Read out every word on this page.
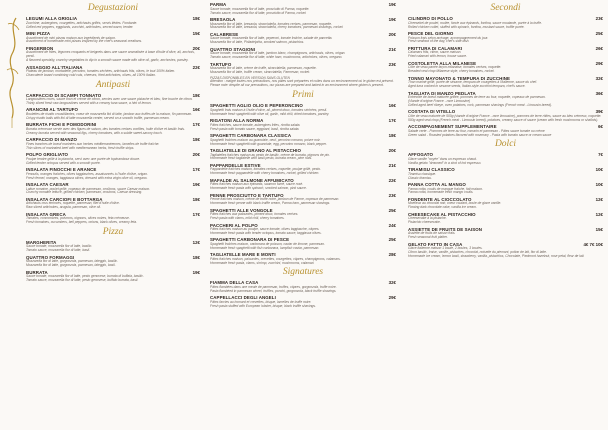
Degustazioni
LEGUMI ALLA GRIGLIA	18€
Zucchine, aubergines, courgettes, artichauts grillés, servis tièdes. Fondante.
Grilled red peppers, eggplants, zucchini, artichokes, served warm, tender.
MINI PIZZA	15€
Assortiment de mini pizzas maison aux ingrédients de saison.
Assortment of homemade mini pizzas inspired by the chef's seasonal creations.
FINGERBON	20€
Assortiment de frites, légumes croquants et beignets dans une sauce aromatisée à base d'huile d'olive, ail, anchois, persil.
A flavored specialty, crunchy vegetables to dip in a smooth sauce made with olive oil, garlic, anchovies, parsley.
ASSAGGIO ALL'ITALIANA	22€
Plateau de jambon, mortadelle, pecorino, tomates séchées, artichauts frits, olives, le tout 100% italien.
Charcuterie board combining cold cuts, cheeses, fried artichokes, olives, all 100% Italian.
Antipasti
CARPACCIO DI SCAMPI TONNATO	18€
Langoustines crues, sauce thon et crème de citron, servies avec une sauce pistache et bleu, fine touche de citron.
Thinly sliced fresh raw langoustines served with a creamy tuna sauce, a hint of lemon.
ARANCINI AL TARTUFO	16€
Boulettes de risotto croustillantes, coeur de mozzarella fiol di latte, jambon aux truffes de la maison, fin parmesan.
Crispy risotto balls with fiol di latte mozzarella center, served on a smooth truffle, parmesan cream.
BURRATA FICHI E POMODORINI	17€
Burrata crémeuse servie avec des figues de saison, des tomates cerises confites, huile d'olive et basilic frais.
Creamy burrata served with seasonal figs, cherry tomatoes, with a subtle sweet-savory touch.
CARPACCIO DI MANZO	18€
Fines tranches de boeuf marinées aux herbes méditerranéennes, lamelles de truffe fraîche.
Thin slices of marinated beef with mediterranean herbs, fresh truffle strips.
POLPO GRIGLIATO	20€
Poulpe tendre grillé à la plancha, servi avec une purée de topinambour douce.
Grilled tender octopus served with a smooth purée.
INSALATA FINOCCHI E ARANCE	17€
Fenouils, oranges fraîches, olives taggiasches, assaisonnés à l'huile d'olive, origan.
Fresh fennel, oranges, taggiasca olives, dressed with extra virgin olive oil, oregano.
INSALATA CAESAR	19€
Laitue romaine, poulet grillé, copeaux de parmesan, croûtons, sauce Caesar maison.
Crunchy romaine lettuce, grilled chicken, parmesan, croutons, Caesar dressing.
INSALATA CARCIOFI E BOTTARGA	18€
Artichauts crus émincés, roquette, parmesan, filet d'huile d'olive.
Raw sliced artichokes, arugula, parmesan, olive oil.
INSALATA GRECA	17€
Tomates, concombres, poivrons, oignons, olives noires, feta crémeuse.
Fresh tomatoes, cucumbers, bell peppers, onions, black olives, creamy feta.
Pizza
MARGHERITA	12€
Sauce tomate, mozzarella fior di latte, basilic.
Tomato sauce, mozzarella fior di latte, basil.
QUATTRO FORMAGGI	18€
Mozzarella fior di latte, gorgonzola, parmesan, taleggio, basilic.
Mozzarella fior di latte, gorgonzola, parmesan, taleggio, basil.
BURRATA	19€
Sauce tomate, mozzarella fior di latte, pesto genovese, burrata di buffala, basilic.
Tomato sauce, mozzarella fior di latte, pesto genovese, buffalo burrata, basil.
PARMA	19€
Sauce tomate, mozzarella fior di latte, prosciutto di Parma, roquette.
Tomato sauce, mozzarella fior di latte, prosciutto di Parma, rocket.
BRESAOLA	19€
Mozzarella fior di latte, bresaola, stracciatella, tomates cerises, parmesan, roquette.
Mozzarella fior di latte, bresaola, stracciatella, cherry tomatoes, parmesan shavings, rocket.
CALABRESE	20€
Sauce tomate, mozzarella fior di latte, peperoni, tomate fraîche, salade de pancetta.
Mozzarella fior di latte, Philadelphia, smoked salmon, pistachios.
QUATTRO STAGIONI	21€
Sauce tomate, mozzarella fior di latte, jambon blanc, champignons, artichauts, olives, origan.
Tomato sauce, mozzarella fior di latte, white ham, mushrooms, artichokes, olives, oregano.
TARTUFO	23€
Mozzarella fior di latte, crème de truffe, stracciatella, parmesan, roquette.
Mozzarella fior di latte, truffle cream, stracciatella, Parmesan, rocket.
PIZZAS DISPONIBLES EN VERSION SANS GLUTEN
Attention : malgré toutes nos précautions, nos pâtes sont préparées et cuites dans un environnement où le gluten est présent.
Please note: despite all our precautions, our pizzas are prepared and baked in an environment where gluten is present.
Primi
SPAGHETTI AGLIO OLIO E PEPERONCINO	16€
Spaghetti frais maison à l'huile d'olive, ail, piment doux, tomates séchées, persil.
Homemade fresh spaghetti with olive oil, garlic, mild chili, dried tomatoes, parsley.
RIGATONI ALLA NORMA	17€
Pâtes fraîches, sauce tomate, aubergines frites, ricotta salata.
Fresh pasta with tomato sauce, eggplant, basil, ricotta salata.
SPAGHETTI CARBONARA CLASSICA	18€
Spaghetti fraîches maison au guanciale, oeuf, pecorino romano, poivre noir.
Homemade fresh spaghetti with guanciale, egg, pecorino romano, black pepper.
TAGLIATELLE DI GRANO AL PISTACCHIO	20€
Tagliatelles fraîches maison au pesto de basilic, crème de burrata, pignons de pin.
Homemade fresh tagliatelle with basil pesto, burrata cream, pine nuts.
PAPPARDELLE ESTIVE	21€
Pappardelle fraîches maison, tomates cerises, roquette, poulpe grillé, pesto.
Homemade fresh pappardelle with cherry tomatoes, rocket, grilled chicken.
MAFALDE AL SALMONE AFFUMICATO	22€
Pâtes fraîches maison aux épinards, saumon fumé, sauce rosé.
Homemade fresh pasta with spinach, smoked salmon, pink sauce.
PENNE PROSCIUTTO E TARTUFO	23€
Penne fraîches maison, crème de truffe noire, jambon de Parme, copeaux de parmesan.
Homemade fresh penne with black truffle cream, Parma ham, parmesan shavings.
SPAGHETTI ALLE VONGOLE	25€
Pâtes fraîches aux palourdes, piment doux, tomates cerises.
Fresh pasta with clams, mild chili, cherry tomatoes.
PACCHERI AL POLPO	24€
Pâtes fraîches maison au poulpe, sauce tomate, olives taggiasche, câpres.
Homemade fresh pasta with tender octopus, tomato sauce, taggiasca olives.
SPAGHETTI CARBONARA DI PESCE	25€
Spaghetti fraîches maison, carbonara de poisson, caviar de limone, parmesan.
Homemade fresh spaghetti with fish carbonara, lumpfish caviar, parmesan.
TAGLIATELLE MARE E MONTI	28€
Pâtes fraîches maison, palourdes, crevettes, courgettes, câpres, champignons, calamars.
Homemade fresh pasta, clams, shrimp, zucchini, mushrooms, calamari.
Signatures
FIAMMA DELLA CASA	32€
Pâtes flambées dans une meule de parmesan, truffes, câpres, gorgonzola, truffe noire.
Pasta flambéed in parmesan wheel, truffles, porcini, gorgonzola, black truffle shavings.
CAPPELLACCI DEGLI ANGELI	29€
Pâtes farcies au homard et crevettes, bisque, lamelles de truffe noire.
Fresh pasta stuffed with European lobster, bisque, black truffle shavings.
Secondi
CILINDRO DI POLLO	23€
Cheesebel de poulet, roulée, farcie aux épinards, fontina, sauce moutarde, purée à la truffe.
Rolled chicken cutlet, stuffed with spinach, fontina, mustard sauce, truffle purée.
PESCE DEL GIORNO	25€
Poisson frais selon arrivage, accompagnement du jour.
Fresh seafood of the day, chef's side dish.
FRITTURA DI CALAMARI	26€
Calamars frits, citron, sauce maison.
Fried calamari with lemon, house sauce.
COSTOLETTA ALLA MILANESE	29€
Côte de veau panée façon milanaise, tomates cerises, roquette.
Breaded veal chop Milanese style, cherry tomatoes, rocket.
TONNO MAYONATO & TEMPURA DI ZUCCHINE	32€
Thon mariné grillé, purée de sésame, tempura de courgettes à l'italienne, sauce du chef.
Aged tuna cooked in sesame seeds, Italian-style zucchini tempura, chef's sauce.
TAGLIATA DI MANZO PEDLATA	36€
Entrecôte de boeuf maturée grillée, pommes de terre au four, roquette, copeaux de parmesan.
(Viande d'origine France - race Limousine)
Grilled aged beef ribeye, oven potatoes, rock, parmesan shavings (French meat - Limousin breed).
COSTATA DI VITELLO	39€
Côte de veau maturée de 500g (viande d'origine France - race limousine), pommes de terre rôties, sauce au bleu crémeux, roquette.
500g aged veal chop (French meat - Limousin breed), potatoes, creamy sauce of sauce (cream with fresh mushrooms or shallots).
ACCOMPAGNEMENT SUPPLEMENTAIRE	6€
Salade verte - Pommes de terre au four, romarin et parmesan - Pâtes sauce tomate ou crème
Green salad - Roasted potatoes flavored with rosemary - Pasta with tomato sauce or cream sauce
Dolci
AFFOGATO	7€
Glace vanille "noyée" dans un espresso chaud.
Vanilla gelato "drowned" in a shot of hot espresso.
TIRAMISU CLASSICO	10€
Tiramisu classique.
Classic tiramisu.
PANNA COTTA AL MANGO	10€
Panna cotta, coulis de mangue fraîche, fait maison.
Panna cotta, homemade fresh mango coulis.
FONDENTE AL CIOCCOLATO	12€
Moelleux au chocolat noir, coeur coulant, boule de glace vanille.
Flowing dark chocolate cake, vanilla ice cream.
CHEESECAKE AL PISTACCHIO	12€
Cheesecake à la pistache.
Pistachio cheesecake.
ASSIETTE DE FRUITS DE SAISON	15€
Assiette de fruits de saison frais.
Fresh seasonal fruit platter.
GELATO FATTO IN CASA	4€ 7€ 10€
Glace italienne maison 1 boule, 2 boules, 3 boules.
Citron basilic, fraise, vanille, pistaches, chocolat, noisette du piemont, potion de lait, fior di latte.
Homemade ice cream, lemon basil, strawberry, vanilla, pistachios, Chocolate, Piedmont hazelnut, rose petal, fleur de lait.
